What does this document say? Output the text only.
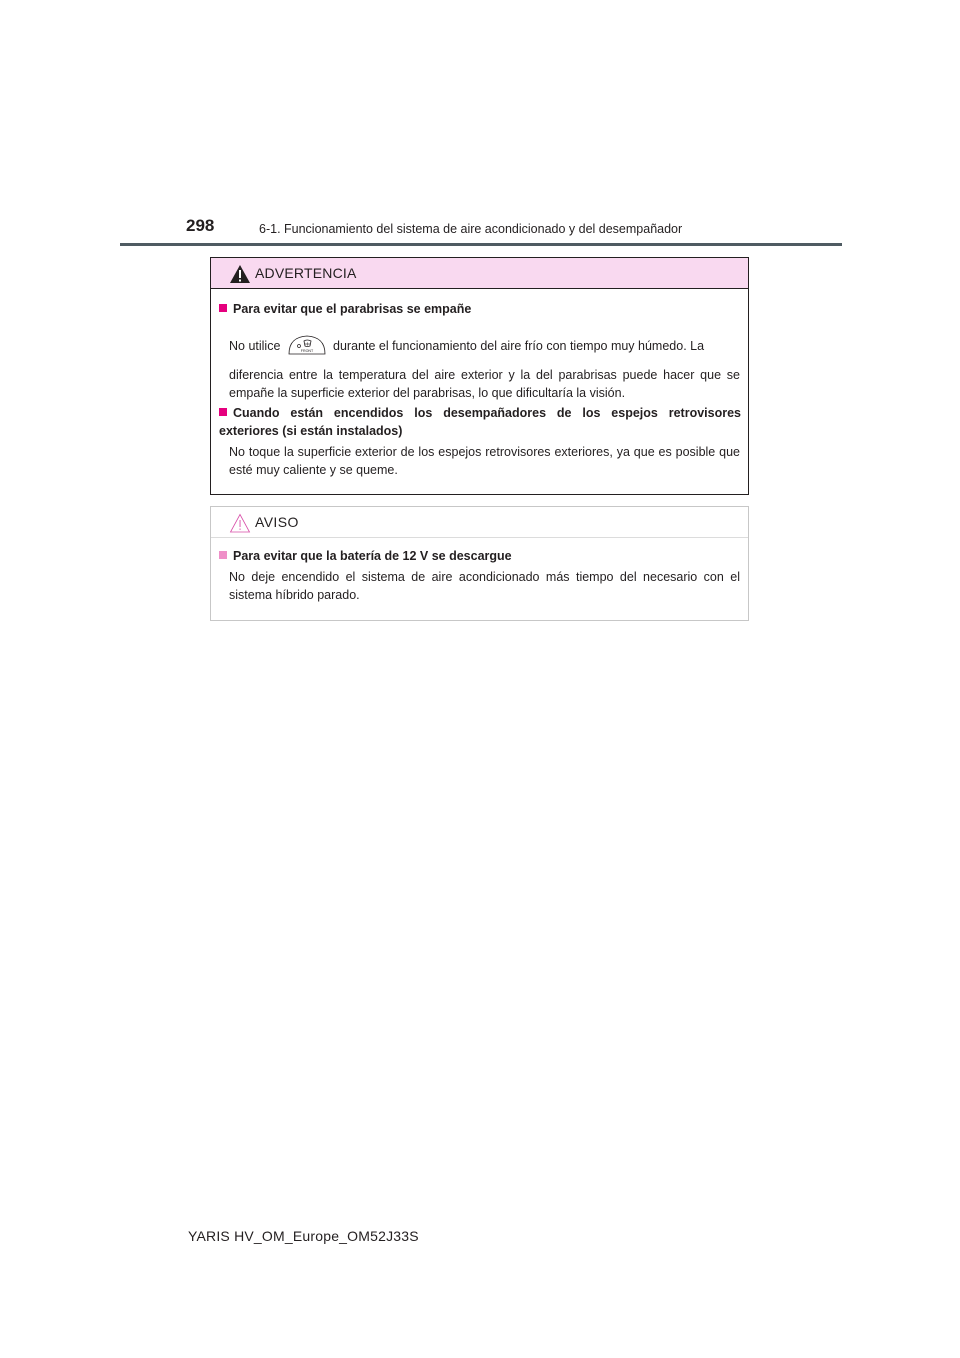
298	6-1. Funcionamiento del sistema de aire acondicionado y del desempañador
ADVERTENCIA
Para evitar que el parabrisas se empañe
No utilice	durante el funcionamiento del aire frío con tiempo muy húmedo. La
diferencia entre la temperatura del aire exterior y la del parabrisas puede hacer que se empañe la superficie exterior del parabrisas, lo que dificultaría la visión.
Cuando están encendidos los desempañadores de los espejos retrovisores exteriores (si están instalados)
No toque la superficie exterior de los espejos retrovisores exteriores, ya que es posible que esté muy caliente y se queme.
FRONT
AVISO
Para evitar que la batería de 12 V se descargue
No deje encendido el sistema de aire acondicionado más tiempo del necesario con el sistema híbrido parado.
YARIS HV_OM_Europe_OM52J33S
